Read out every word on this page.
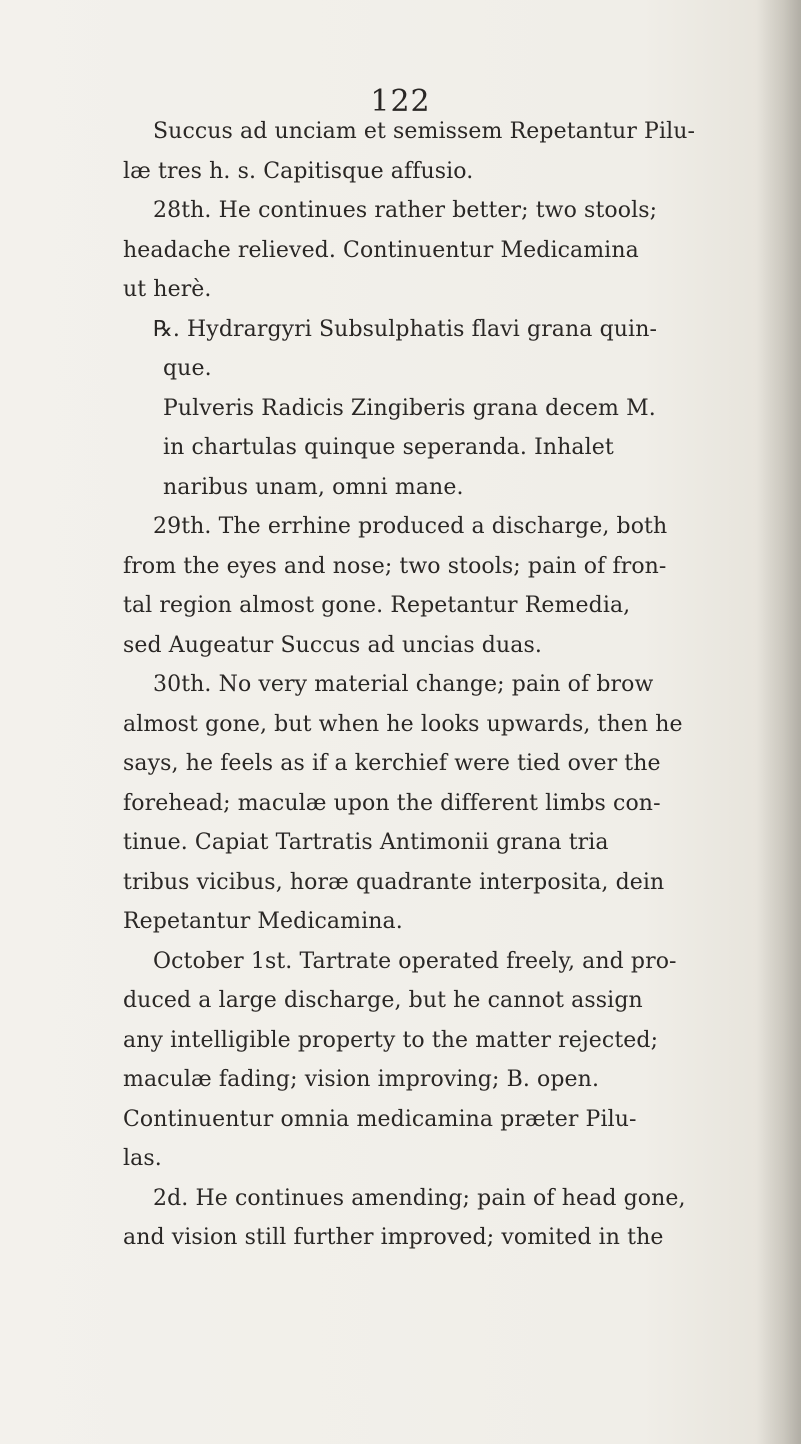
122
Succus ad unciam et semissem Repetantur Pilu-
læ tres h. s. Capitisque affusio.
28th. He continues rather better; two stools;
headache relieved. Continuentur Medicamina
ut herè.
℞. Hydrargyri Subsulphatis flavi grana quin-
que.
Pulveris Radicis Zingiberis grana decem M.
in chartulas quinque seperanda. Inhalet
naribus unam, omni mane.
29th. The errhine produced a discharge, both
from the eyes and nose; two stools; pain of fron-
tal region almost gone. Repetantur Remedia,
sed Augeatur Succus ad uncias duas.
30th. No very material change; pain of brow
almost gone, but when he looks upwards, then he
says, he feels as if a kerchief were tied over the
forehead; maculæ upon the different limbs con-
tinue. Capiat Tartratis Antimonii grana tria
tribus vicibus, horæ quadrante interposita, dein
Repetantur Medicamina.
October 1st. Tartrate operated freely, and pro-
duced a large discharge, but he cannot assign
any intelligible property to the matter rejected;
maculæ fading; vision improving; B. open.
Continuentur omnia medicamina præter Pilu-
las.
2d. He continues amending; pain of head gone,
and vision still further improved; vomited in the
